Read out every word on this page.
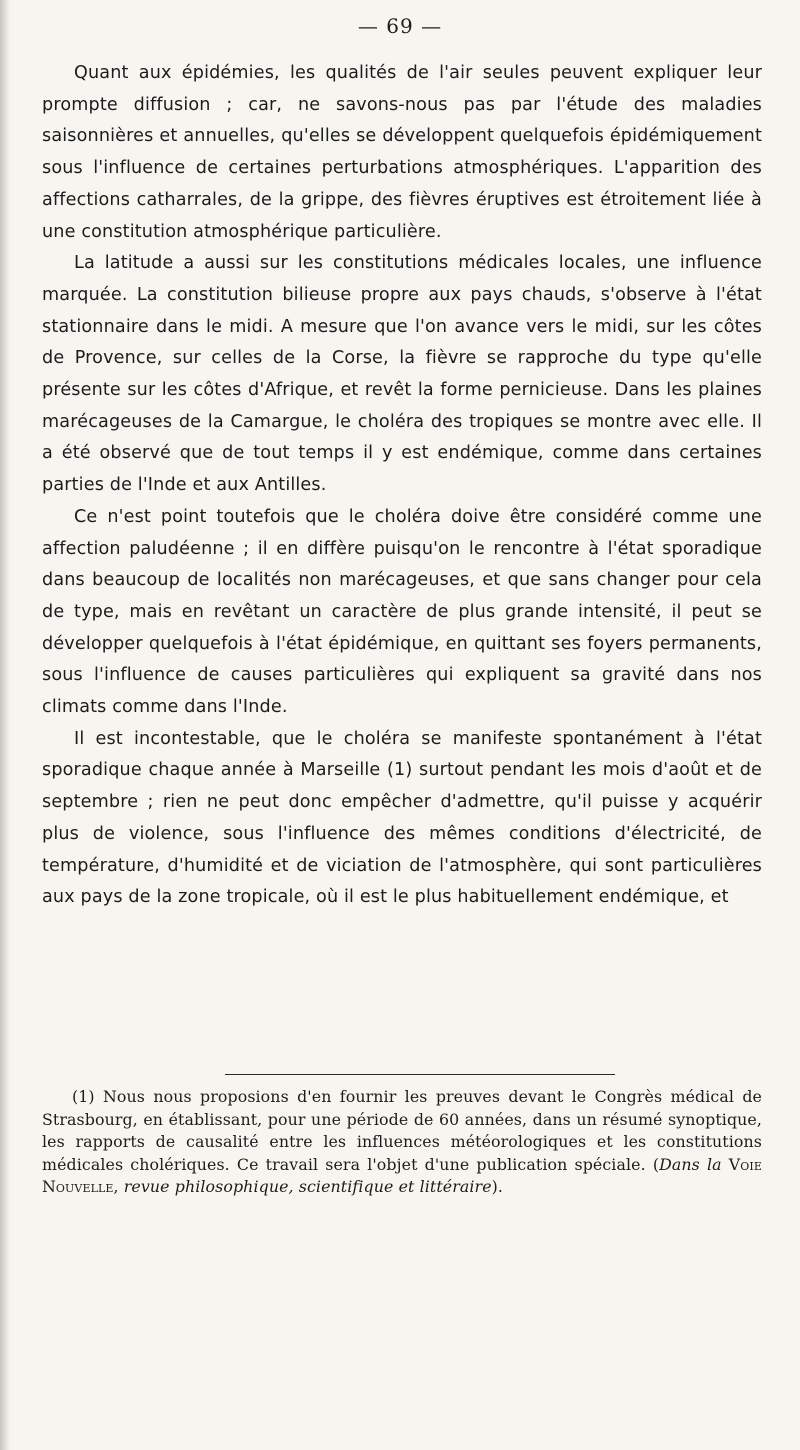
— 69 —

Quant aux épidémies, les qualités de l'air seules peuvent expliquer leur prompte diffusion ; car, ne savons-nous pas par l'étude des maladies saisonnières et annuelles, qu'elles se développent quelquefois épidémiquement sous l'influence de certaines perturbations atmosphériques. L'apparition des affections catharrales, de la grippe, des fièvres éruptives est étroitement liée à une constitution atmosphérique particulière.

La latitude a aussi sur les constitutions médicales locales, une influence marquée. La constitution bilieuse propre aux pays chauds, s'observe à l'état stationnaire dans le midi. A mesure que l'on avance vers le midi, sur les côtes de Provence, sur celles de la Corse, la fièvre se rapproche du type qu'elle présente sur les côtes d'Afrique, et revêt la forme pernicieuse. Dans les plaines marécageuses de la Camargue, le choléra des tropiques se montre avec elle. Il a été observé que de tout temps il y est endémique, comme dans certaines parties de l'Inde et aux Antilles.

Ce n'est point toutefois que le choléra doive être considéré comme une affection paludéenne ; il en diffère puisqu'on le rencontre à l'état sporadique dans beaucoup de localités non marécageuses, et que sans changer pour cela de type, mais en revêtant un caractère de plus grande intensité, il peut se développer quelquefois à l'état épidémique, en quittant ses foyers permanents, sous l'influence de causes particulières qui expliquent sa gravité dans nos climats comme dans l'Inde.

Il est incontestable, que le choléra se manifeste spontanément à l'état sporadique chaque année à Marseille (1) surtout pendant les mois d'août et de septembre ; rien ne peut donc empêcher d'admettre, qu'il puisse y acquérir plus de violence, sous l'influence des mêmes conditions d'électricité, de température, d'humidité et de viciation de l'atmosphère, qui sont particulières aux pays de la zone tropicale, où il est le plus habituellement endémique, et

(1) Nous nous proposions d'en fournir les preuves devant le Congrès médical de Strasbourg, en établissant, pour une période de 60 années, dans un résumé synoptique, les rapports de causalité entre les influences météorologiques et les constitutions médicales cholériques. Ce travail sera l'objet d'une publication spéciale. (Dans la Voie Nouvelle, revue philosophique, scientifique et littéraire).
